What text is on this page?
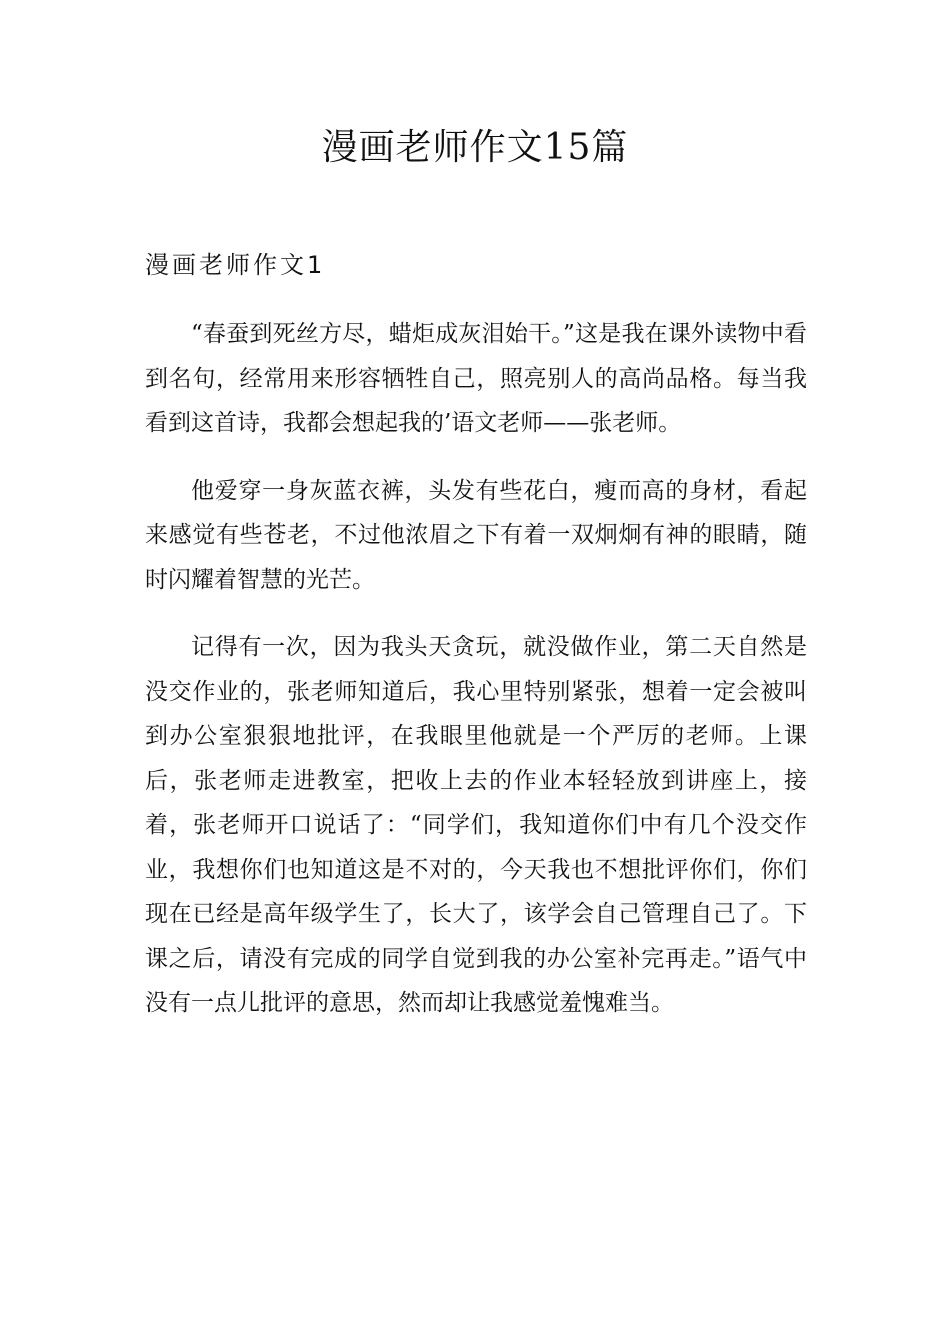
漫画老师作文15篇
漫画老师作文1

“春蚕到死丝方尽，蜡炬成灰泪始干。”这是我在课外读物中看到名句，经常用来形容牺牲自己，照亮别人的高尚品格。每当我看到这首诗，我都会想起我的’语文老师——张老师。

他爱穿一身灰蓝衣裤，头发有些花白，瘦而高的身材，看起来感觉有些苍老，不过他浓眉之下有着一双炯炯有神的眼睛，随时闪耀着智慧的光芒。

记得有一次，因为我头天贪玩，就没做作业，第二天自然是没交作业的，张老师知道后，我心里特别紧张，想着一定会被叫到办公室狠狠地批评，在我眼里他就是一个严厉的老师。上课后，张老师走进教室，把收上去的作业本轻轻放到讲座上，接着，张老师开口说话了：“同学们，我知道你们中有几个没交作业，我想你们也知道这是不对的，今天我也不想批评你们，你们现在已经是高年级学生了，长大了，该学会自己管理自己了。下课之后，请没有完成的同学自觉到我的办公室补完再走。”语气中没有一点儿批评的意思，然而却让我感觉羞愧难当。
